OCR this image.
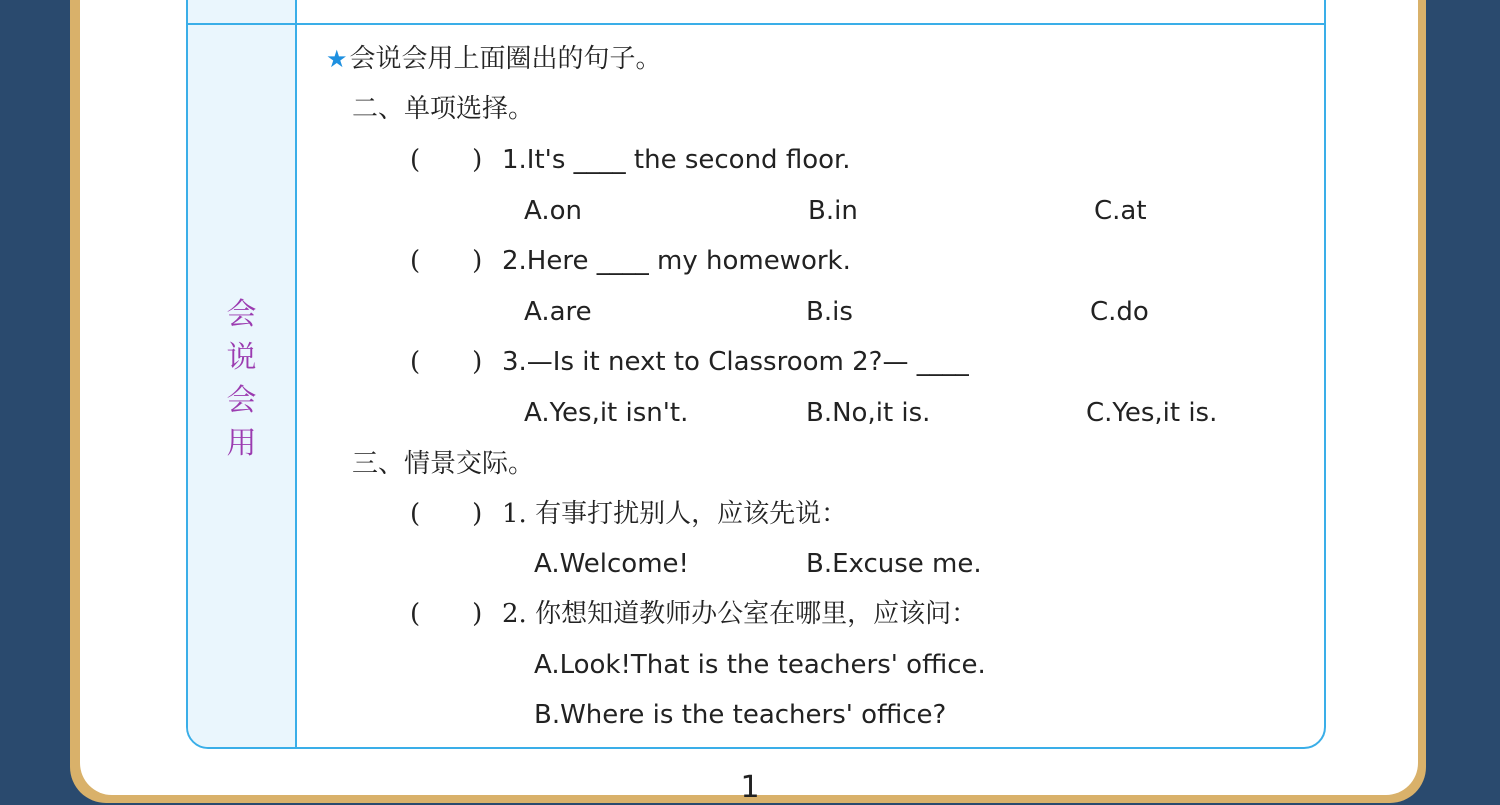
会
说
会
用
★会说会用上面圈出的句子。
二、单项选择。
(  ) 1.It's ____ the second floor.
A.on	B.in	C.at
(  ) 2.Here ____ my homework.
A.are	B.is	C.do
(  ) 3.—Is it next to Classroom 2?— ____
A.Yes,it isn't.	B.No,it is.	C.Yes,it is.
三、情景交际。
(  ) 1. 有事打扰别人，应该先说：
A.Welcome!	B.Excuse me.
(  ) 2. 你想知道教师办公室在哪里，应该问：
A.Look!That is the teachers' office.
B.Where is the teachers' office?
1
